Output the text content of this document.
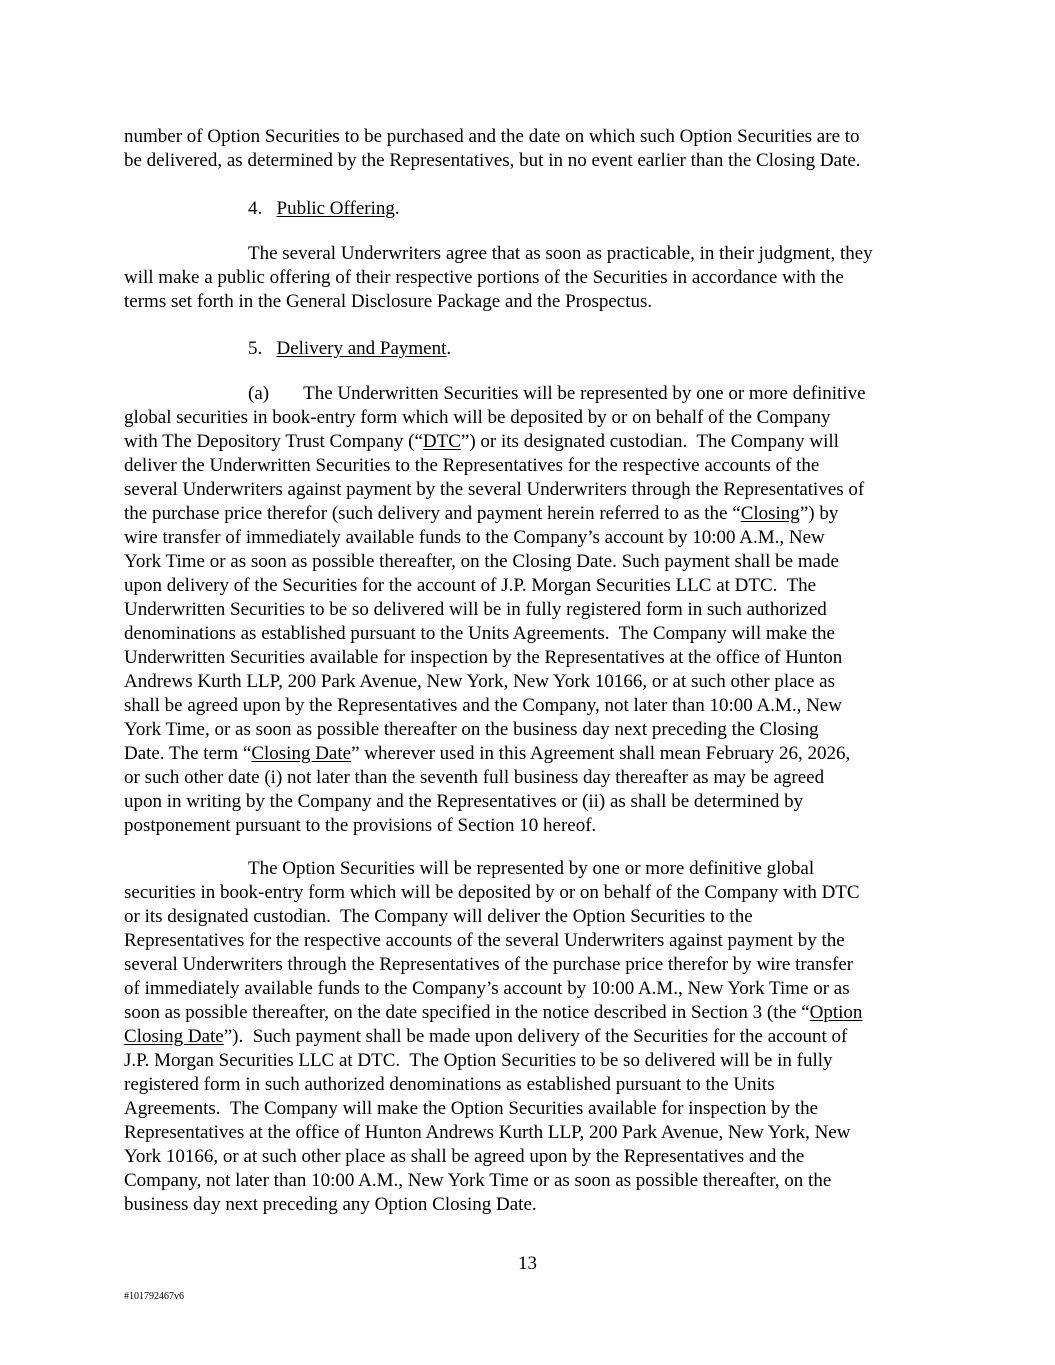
number of Option Securities to be purchased and the date on which such Option Securities are to
be delivered, as determined by the Representatives, but in no event earlier than the Closing Date.
4. Public Offering.
The several Underwriters agree that as soon as practicable, in their judgment, they
will make a public offering of their respective portions of the Securities in accordance with the
terms set forth in the General Disclosure Package and the Prospectus.
5. Delivery and Payment.
(a) The Underwritten Securities will be represented by one or more definitive
global securities in book-entry form which will be deposited by or on behalf of the Company
with The Depository Trust Company (“DTC”) or its designated custodian.  The Company will
deliver the Underwritten Securities to the Representatives for the respective accounts of the
several Underwriters against payment by the several Underwriters through the Representatives of
the purchase price therefor (such delivery and payment herein referred to as the “Closing”) by
wire transfer of immediately available funds to the Company’s account by 10:00 A.M., New
York Time or as soon as possible thereafter, on the Closing Date. Such payment shall be made
upon delivery of the Securities for the account of J.P. Morgan Securities LLC at DTC.  The
Underwritten Securities to be so delivered will be in fully registered form in such authorized
denominations as established pursuant to the Units Agreements.  The Company will make the
Underwritten Securities available for inspection by the Representatives at the office of Hunton
Andrews Kurth LLP, 200 Park Avenue, New York, New York 10166, or at such other place as
shall be agreed upon by the Representatives and the Company, not later than 10:00 A.M., New
York Time, or as soon as possible thereafter on the business day next preceding the Closing
Date. The term “Closing Date” wherever used in this Agreement shall mean February 26, 2026,
or such other date (i) not later than the seventh full business day thereafter as may be agreed
upon in writing by the Company and the Representatives or (ii) as shall be determined by
postponement pursuant to the provisions of Section 10 hereof.
The Option Securities will be represented by one or more definitive global
securities in book-entry form which will be deposited by or on behalf of the Company with DTC
or its designated custodian.  The Company will deliver the Option Securities to the
Representatives for the respective accounts of the several Underwriters against payment by the
several Underwriters through the Representatives of the purchase price therefor by wire transfer
of immediately available funds to the Company’s account by 10:00 A.M., New York Time or as
soon as possible thereafter, on the date specified in the notice described in Section 3 (the “Option
Closing Date”).  Such payment shall be made upon delivery of the Securities for the account of
J.P. Morgan Securities LLC at DTC.  The Option Securities to be so delivered will be in fully
registered form in such authorized denominations as established pursuant to the Units
Agreements.  The Company will make the Option Securities available for inspection by the
Representatives at the office of Hunton Andrews Kurth LLP, 200 Park Avenue, New York, New
York 10166, or at such other place as shall be agreed upon by the Representatives and the
Company, not later than 10:00 A.M., New York Time or as soon as possible thereafter, on the
business day next preceding any Option Closing Date.
13
#101792467v6
